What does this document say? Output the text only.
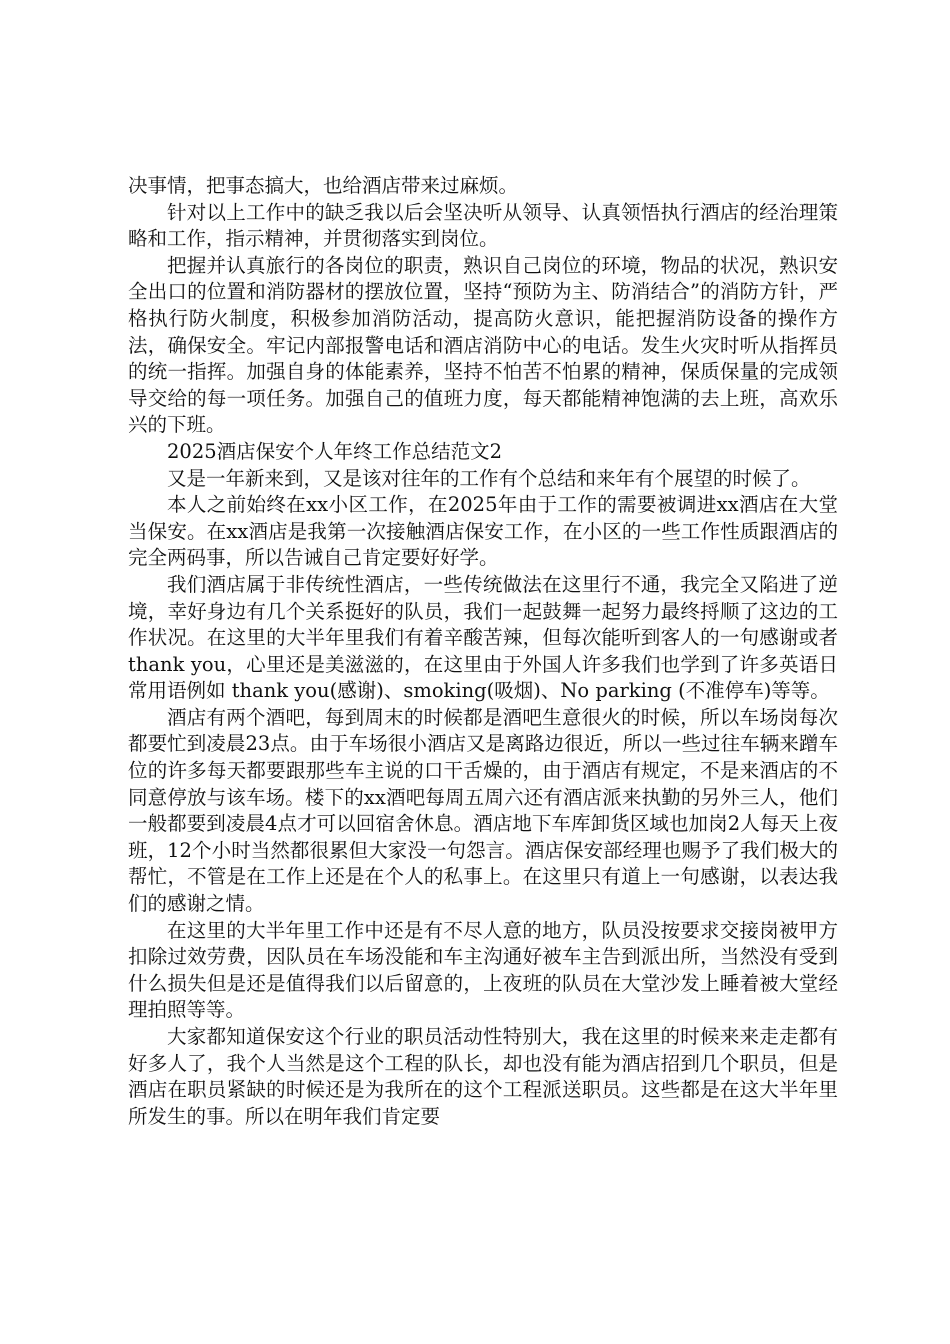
决事情，把事态搞大，也给酒店带来过麻烦。

针对以上工作中的缺乏我以后会坚决听从领导、认真领悟执行酒店的经治理策略和工作，指示精神，并贯彻落实到岗位。

把握并认真旅行的各岗位的职责，熟识自己岗位的环境，物品的状况，熟识安全出口的位置和消防器材的摆放位置，坚持“预防为主、防消结合”的消防方针，严格执行防火制度，积极参加消防活动，提高防火意识，能把握消防设备的操作方法，确保安全。牢记内部报警电话和酒店消防中心的电话。发生火灾时听从指挥员的统一指挥。加强自身的体能素养，坚持不怕苦不怕累的精神，保质保量的完成领导交给的每一项任务。加强自己的值班力度，每天都能精神饱满的去上班，高欢乐兴的下班。

2025酒店保安个人年终工作总结范文2

又是一年新来到，又是该对往年的工作有个总结和来年有个展望的时候了。

本人之前始终在xx小区工作，在2025年由于工作的需要被调进xx酒店在大堂当保安。在xx酒店是我第一次接触酒店保安工作，在小区的一些工作性质跟酒店的完全两码事，所以告诫自己肯定要好好学。

我们酒店属于非传统性酒店，一些传统做法在这里行不通，我完全又陷进了逆境，幸好身边有几个关系挺好的队员，我们一起鼓舞一起努力最终捋顺了这边的工作状况。在这里的大半年里我们有着辛酸苦辣，但每次能听到客人的一句感谢或者 thank you，心里还是美滋滋的，在这里由于外国人许多我们也学到了许多英语日常用语例如 thank you(感谢)、smoking(吸烟)、No parking (不准停车)等等。

酒店有两个酒吧，每到周末的时候都是酒吧生意很火的时候，所以车场岗每次都要忙到凌晨23点。由于车场很小酒店又是离路边很近，所以一些过往车辆来蹭车位的许多每天都要跟那些车主说的口干舌燥的，由于酒店有规定，不是来酒店的不同意停放与该车场。楼下的xx酒吧每周五周六还有酒店派来执勤的另外三人，他们一般都要到凌晨4点才可以回宿舍休息。酒店地下车库卸货区域也加岗2人每天上夜班，12个小时当然都很累但大家没一句怨言。酒店保安部经理也赐予了我们极大的帮忙，不管是在工作上还是在个人的私事上。在这里只有道上一句感谢，以表达我们的感谢之情。

在这里的大半年里工作中还是有不尽人意的地方，队员没按要求交接岗被甲方扣除过效劳费，因队员在车场没能和车主沟通好被车主告到派出所，当然没有受到什么损失但是还是值得我们以后留意的，上夜班的队员在大堂沙发上睡着被大堂经理拍照等等。

大家都知道保安这个行业的职员活动性特别大，我在这里的时候来来走走都有好多人了，我个人当然是这个工程的队长，却也没有能为酒店招到几个职员，但是酒店在职员紧缺的时候还是为我所在的这个工程派送职员。这些都是在这大半年里所发生的事。所以在明年我们肯定要
